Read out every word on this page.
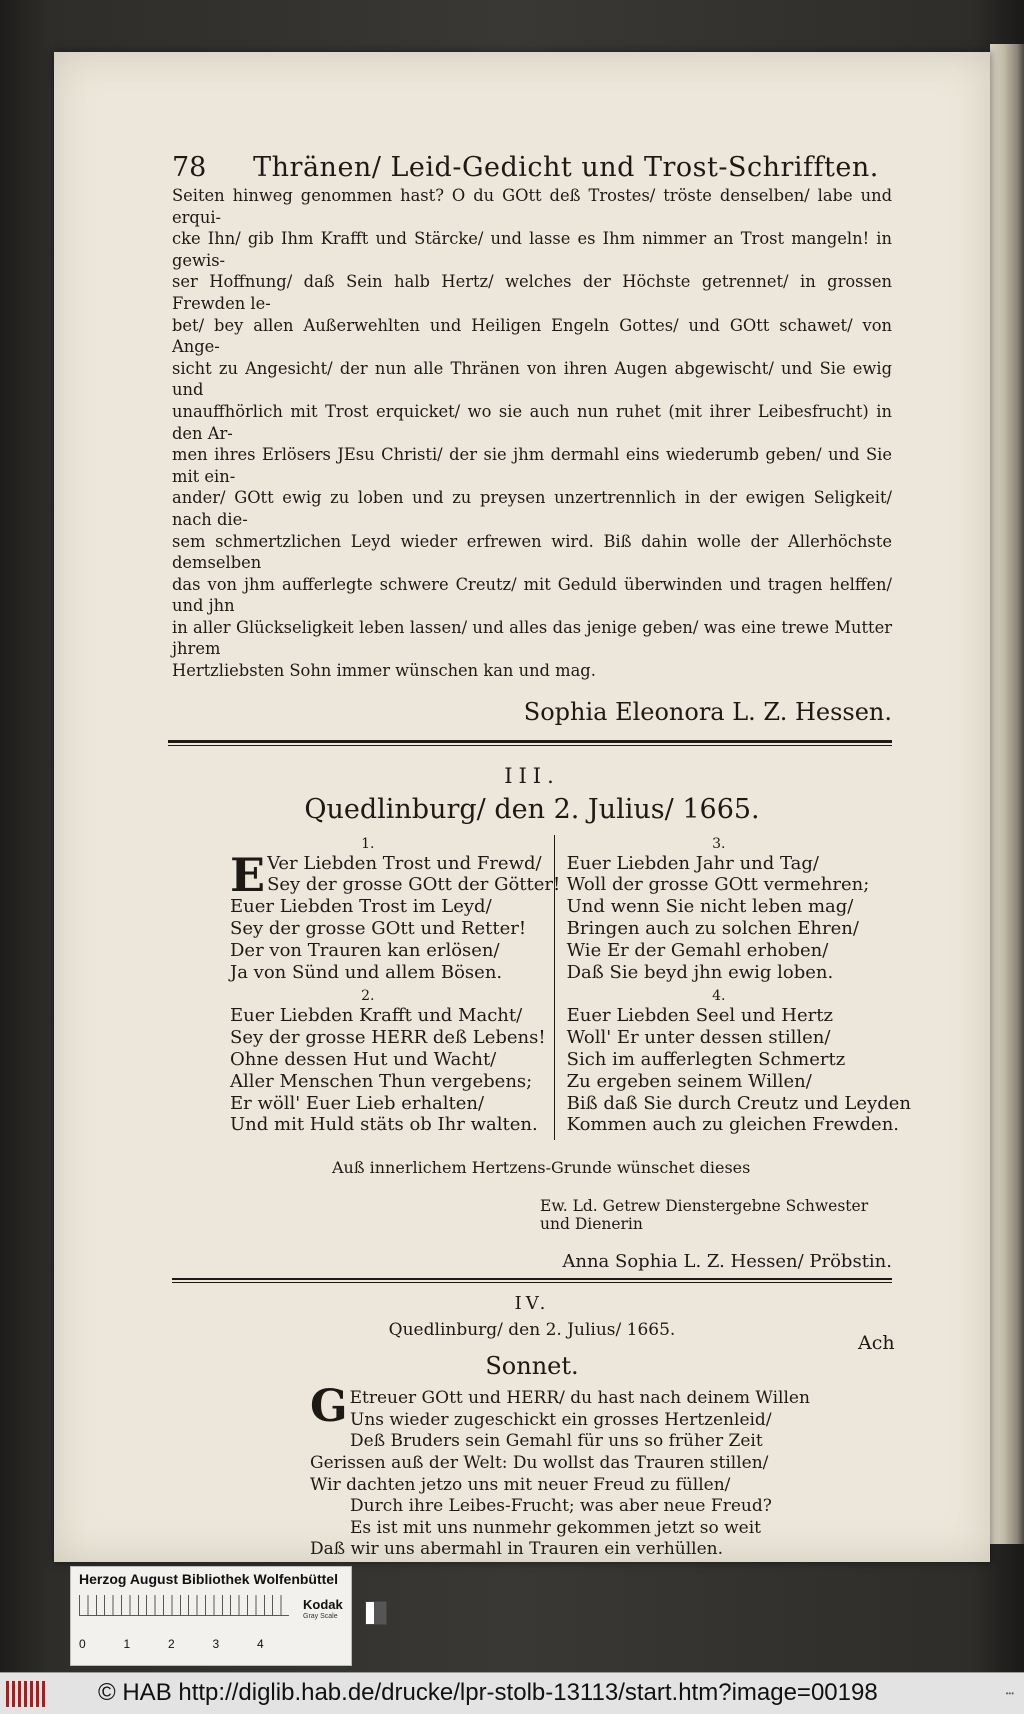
78	Thränen/ Leid-Gedicht und Trost-Schrifften.

Seiten hinweg genommen hast? O du GOtt deß Trostes/ tröste denselben/ labe und erqui-

cke Ihn/ gib Ihm Krafft und Stärcke/ und lasse es Ihm nimmer an Trost mangeln! in gewis-

ser Hoffnung/ daß Sein halb Hertz/ welches der Höchste getrennet/ in grossen Frewden le-

bet/ bey allen Außerwehlten und Heiligen Engeln Gottes/ und GOtt schawet/ von Ange-

sicht zu Angesicht/ der nun alle Thränen von ihren Augen abgewischt/ und Sie ewig und

unauffhörlich mit Trost erquicket/ wo sie auch nun ruhet (mit ihrer Leibesfrucht) in den Ar-

men ihres Erlösers JEsu Christi/ der sie jhm dermahl eins wiederumb geben/ und Sie mit ein-

ander/ GOtt ewig zu loben und zu preysen unzertrennlich in der ewigen Seligkeit/ nach die-

sem schmertzlichen Leyd wieder erfrewen wird. Biß dahin wolle der Allerhöchste demselben

das von jhm aufferlegte schwere Creutz/ mit Geduld überwinden und tragen helffen/ und jhn

in aller Glückseligkeit leben lassen/ und alles das jenige geben/ was eine trewe Mutter jhrem

Hertzliebsten Sohn immer wünschen kan und mag.

Sophia Eleonora L. Z. Hessen.
III.
Quedlinburg/ den 2. Julius/ 1665.
1.
E Ver Liebden Trost und Frewd/
Sey der grosse GOtt der Götter!
Euer Liebden Trost im Leyd/
Sey der grosse GOtt und Retter!
Der von Trauren kan erlösen/
Ja von Sünd und allem Bösen.
2.
Euer Liebden Krafft und Macht/
Sey der grosse HERR deß Lebens!
Ohne dessen Hut und Wacht/
Aller Menschen Thun vergebens;
Er wöll' Euer Lieb erhalten/
Und mit Huld stäts ob Ihr walten.
3.
Euer Liebden Jahr und Tag/
Woll der grosse GOtt vermehren;
Und wenn Sie nicht leben mag/
Bringen auch zu solchen Ehren/
Wie Er der Gemahl erhoben/
Daß Sie beyd jhn ewig loben.
4.
Euer Liebden Seel und Hertz
Woll' Er unter dessen stillen/
Sich im aufferlegten Schmertz
Zu ergeben seinem Willen/
Biß daß Sie durch Creutz und Leyden
Kommen auch zu gleichen Frewden.
Auß innerlichem Hertzens-Grunde wünschet dieses
Ew. Ld. Getrew Dienstergebne Schwester und Dienerin
Anna Sophia L. Z. Hessen/ Pröbstin.
IV.
Quedlinburg/ den 2. Julius/ 1665.
Sonnet.
G Etreuer GOtt und HERR/ du hast nach deinem Willen
Uns wieder zugeschickt ein grosses Hertzenleid/
Deß Bruders sein Gemahl für uns so früher Zeit
Gerissen auß der Welt: Du wollst das Trauren stillen/
Wir dachten jetzo uns mit neuer Freud zu füllen/
Durch ihre Leibes-Frucht; was aber neue Freud?
Es ist mit uns nunmehr gekommen jetzt so weit
Daß wir uns abermahl in Trauren ein verhüllen.
Ach
Herzog August Bibliothek Wolfenbüttel
0	1	2	3	4
Kodak
Gray Scale
© HAB http://diglib.hab.de/drucke/lpr-stolb-13113/start.htm?image=00198	•••
